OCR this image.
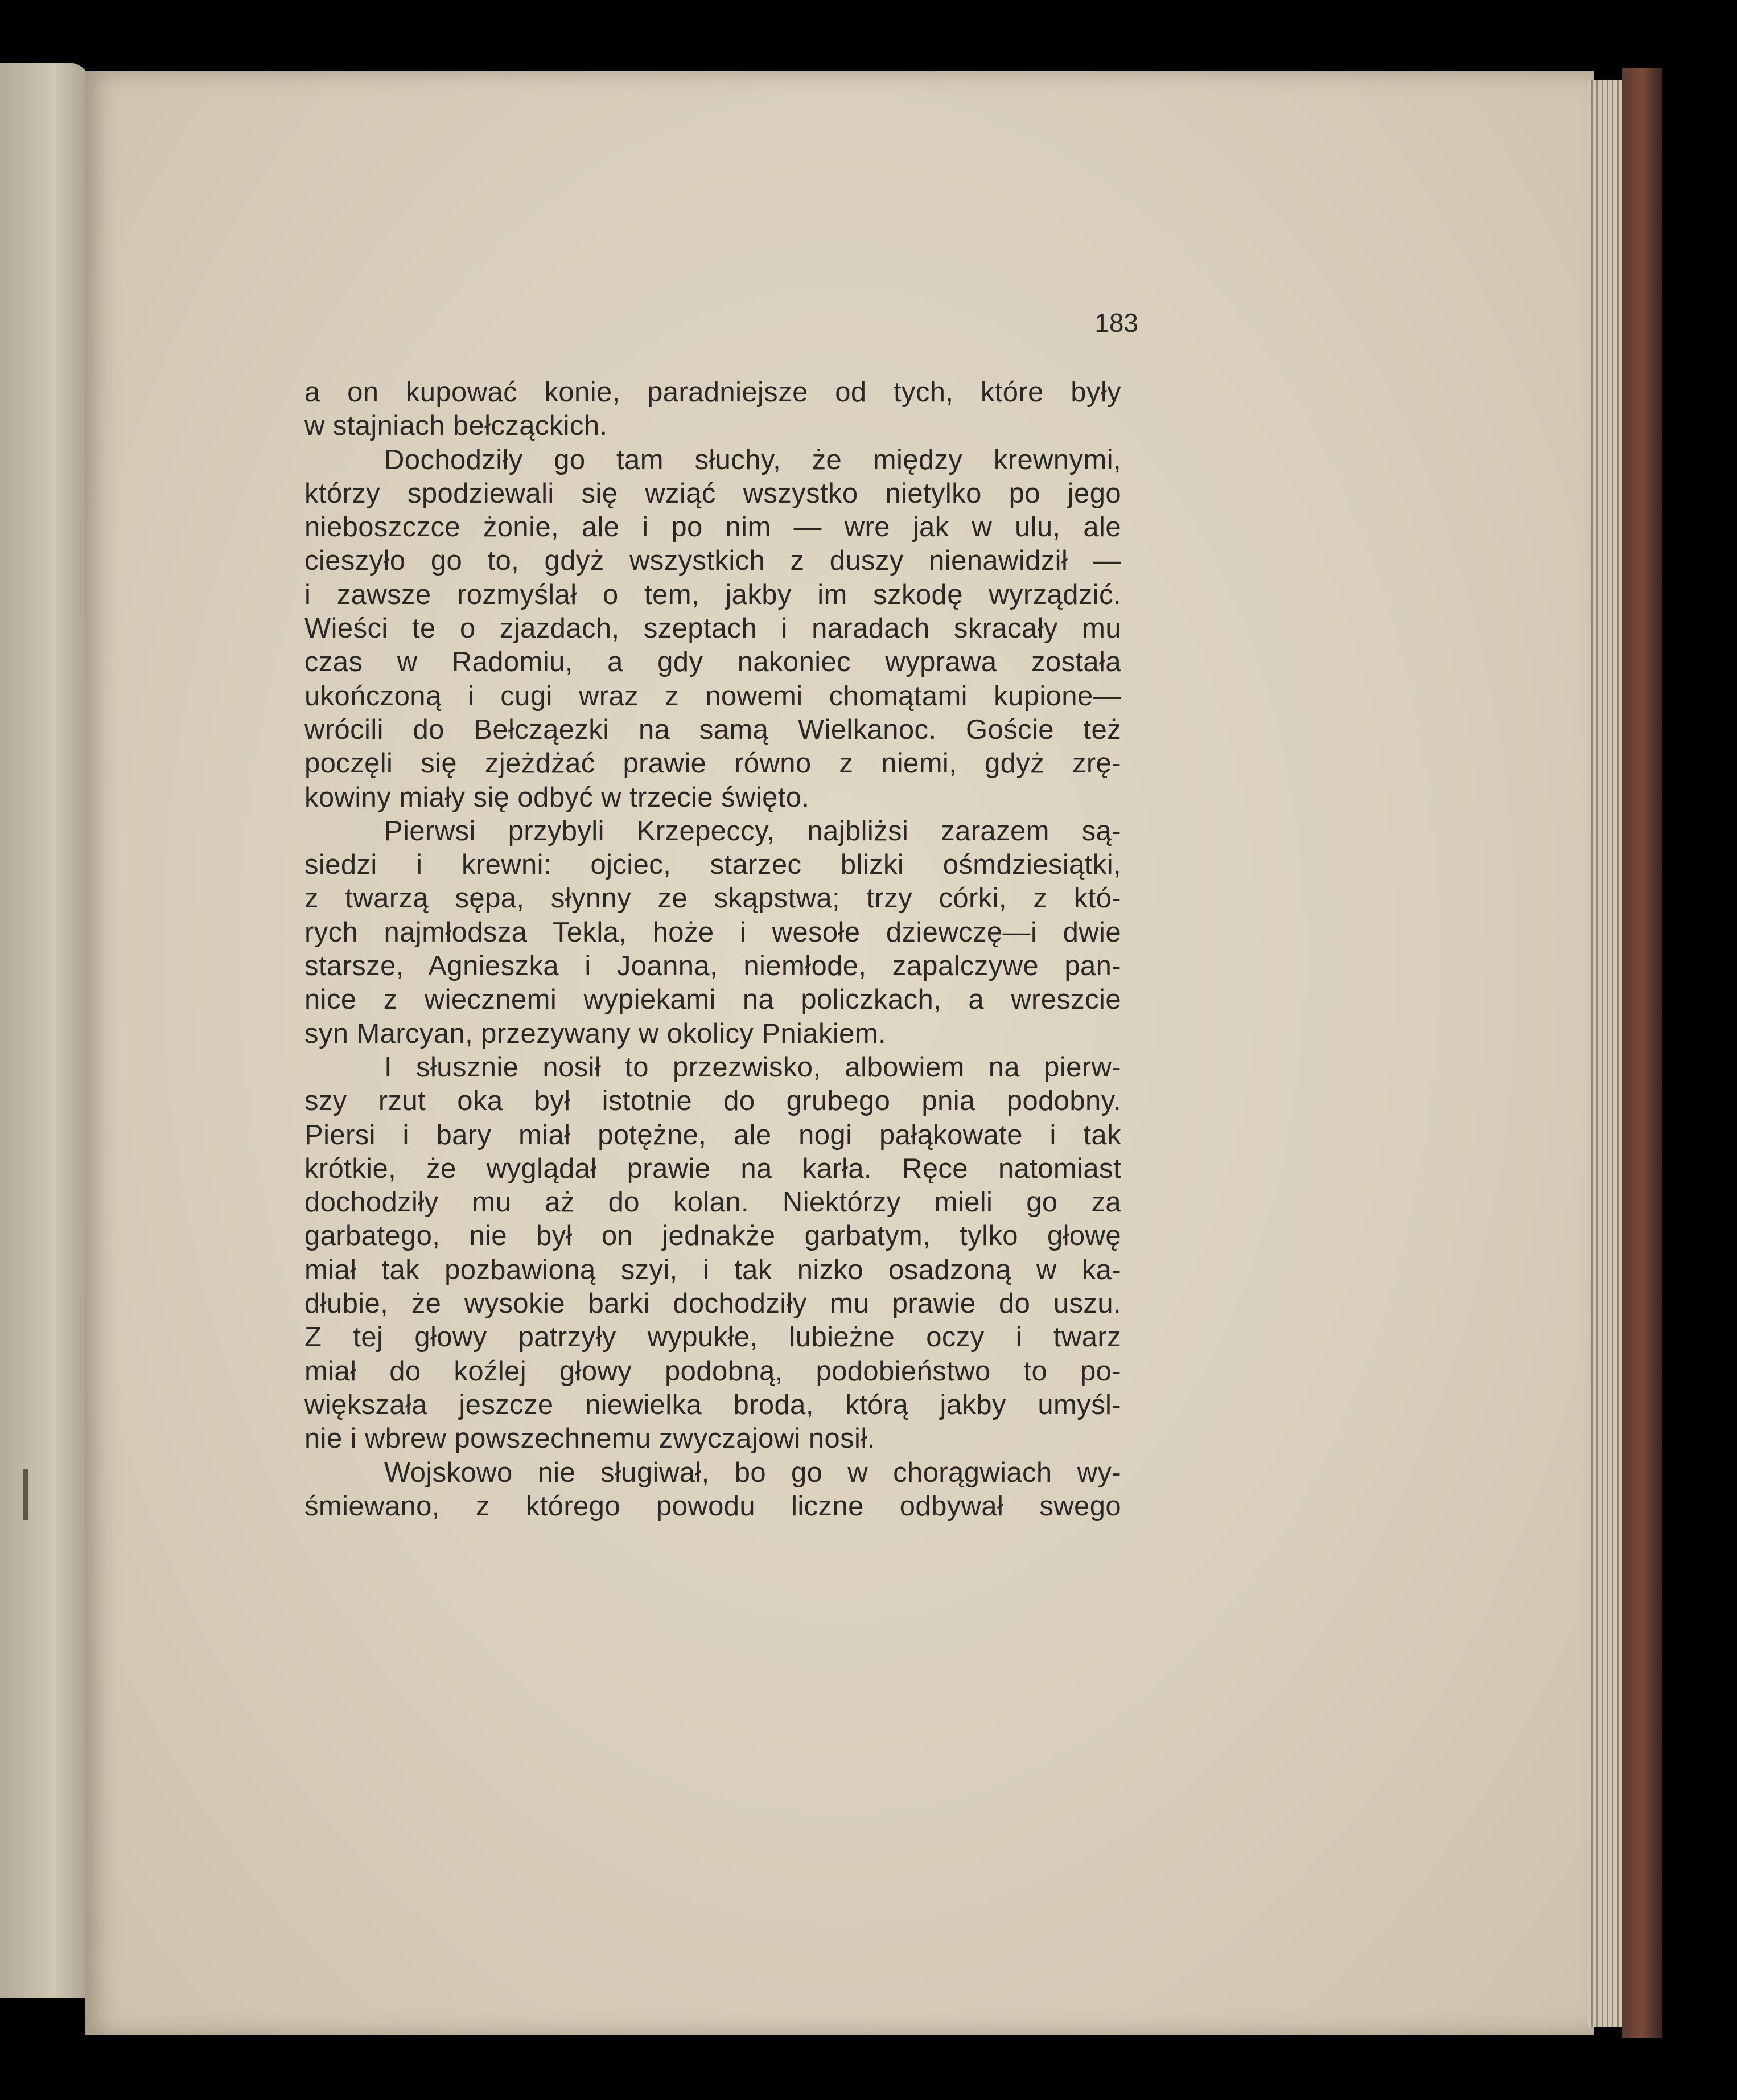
183
a on kupować konie, paradniejsze od tych, które były
w stajniach bełcząckich.
Dochodziły go tam słuchy, że między krewnymi,
którzy spodziewali się wziąć wszystko nietylko po jego
nieboszczce żonie, ale i po nim — wre jak w ulu, ale
cieszyło go to, gdyż wszystkich z duszy nienawidził —
i zawsze rozmyślał o tem, jakby im szkodę wyrządzić.
Wieści te o zjazdach, szeptach i naradach skracały mu
czas w Radomiu, a gdy nakoniec wyprawa została
ukończoną i cugi wraz z nowemi chomątami kupione—
wrócili do Bełcząezki na samą Wielkanoc. Goście też
poczęli się zjeżdżać prawie równo z niemi, gdyż zrę-
kowiny miały się odbyć w trzecie święto.
Pierwsi przybyli Krzepeccy, najbliżsi zarazem są-
siedzi i krewni: ojciec, starzec blizki ośmdziesiątki,
z twarzą sępa, słynny ze skąpstwa; trzy córki, z któ-
rych najmłodsza Tekla, hoże i wesołe dziewczę—i dwie
starsze, Agnieszka i Joanna, niemłode, zapalczywe pan-
nice z wiecznemi wypiekami na policzkach, a wreszcie
syn Marcyan, przezywany w okolicy Pniakiem.
I słusznie nosił to przezwisko, albowiem na pierw-
szy rzut oka był istotnie do grubego pnia podobny.
Piersi i bary miał potężne, ale nogi pałąkowate i tak
krótkie, że wyglądał prawie na karła. Ręce natomiast
dochodziły mu aż do kolan. Niektórzy mieli go za
garbatego, nie był on jednakże garbatym, tylko głowę
miał tak pozbawioną szyi, i tak nizko osadzoną w ka-
dłubie, że wysokie barki dochodziły mu prawie do uszu.
Z tej głowy patrzyły wypukłe, lubieżne oczy i twarz
miał do koźlej głowy podobną, podobieństwo to po-
większała jeszcze niewielka broda, którą jakby umyśl-
nie i wbrew powszechnemu zwyczajowi nosił.
Wojskowo nie sługiwał, bo go w chorągwiach wy-
śmiewano, z którego powodu liczne odbywał swego
